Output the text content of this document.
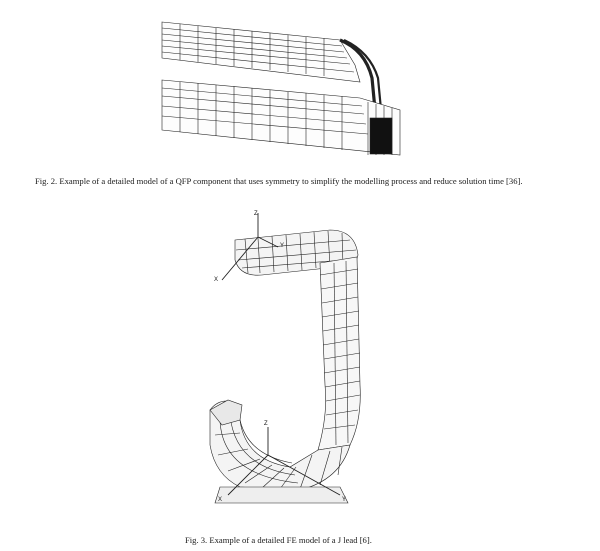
Fig. 2. Example of a detailed model of a QFP component that uses symmetry to simplify the modelling process and reduce solution time [36].
Z
Y
X
Z
Y
X
Fig. 3. Example of a detailed FE model of a J lead [6].
